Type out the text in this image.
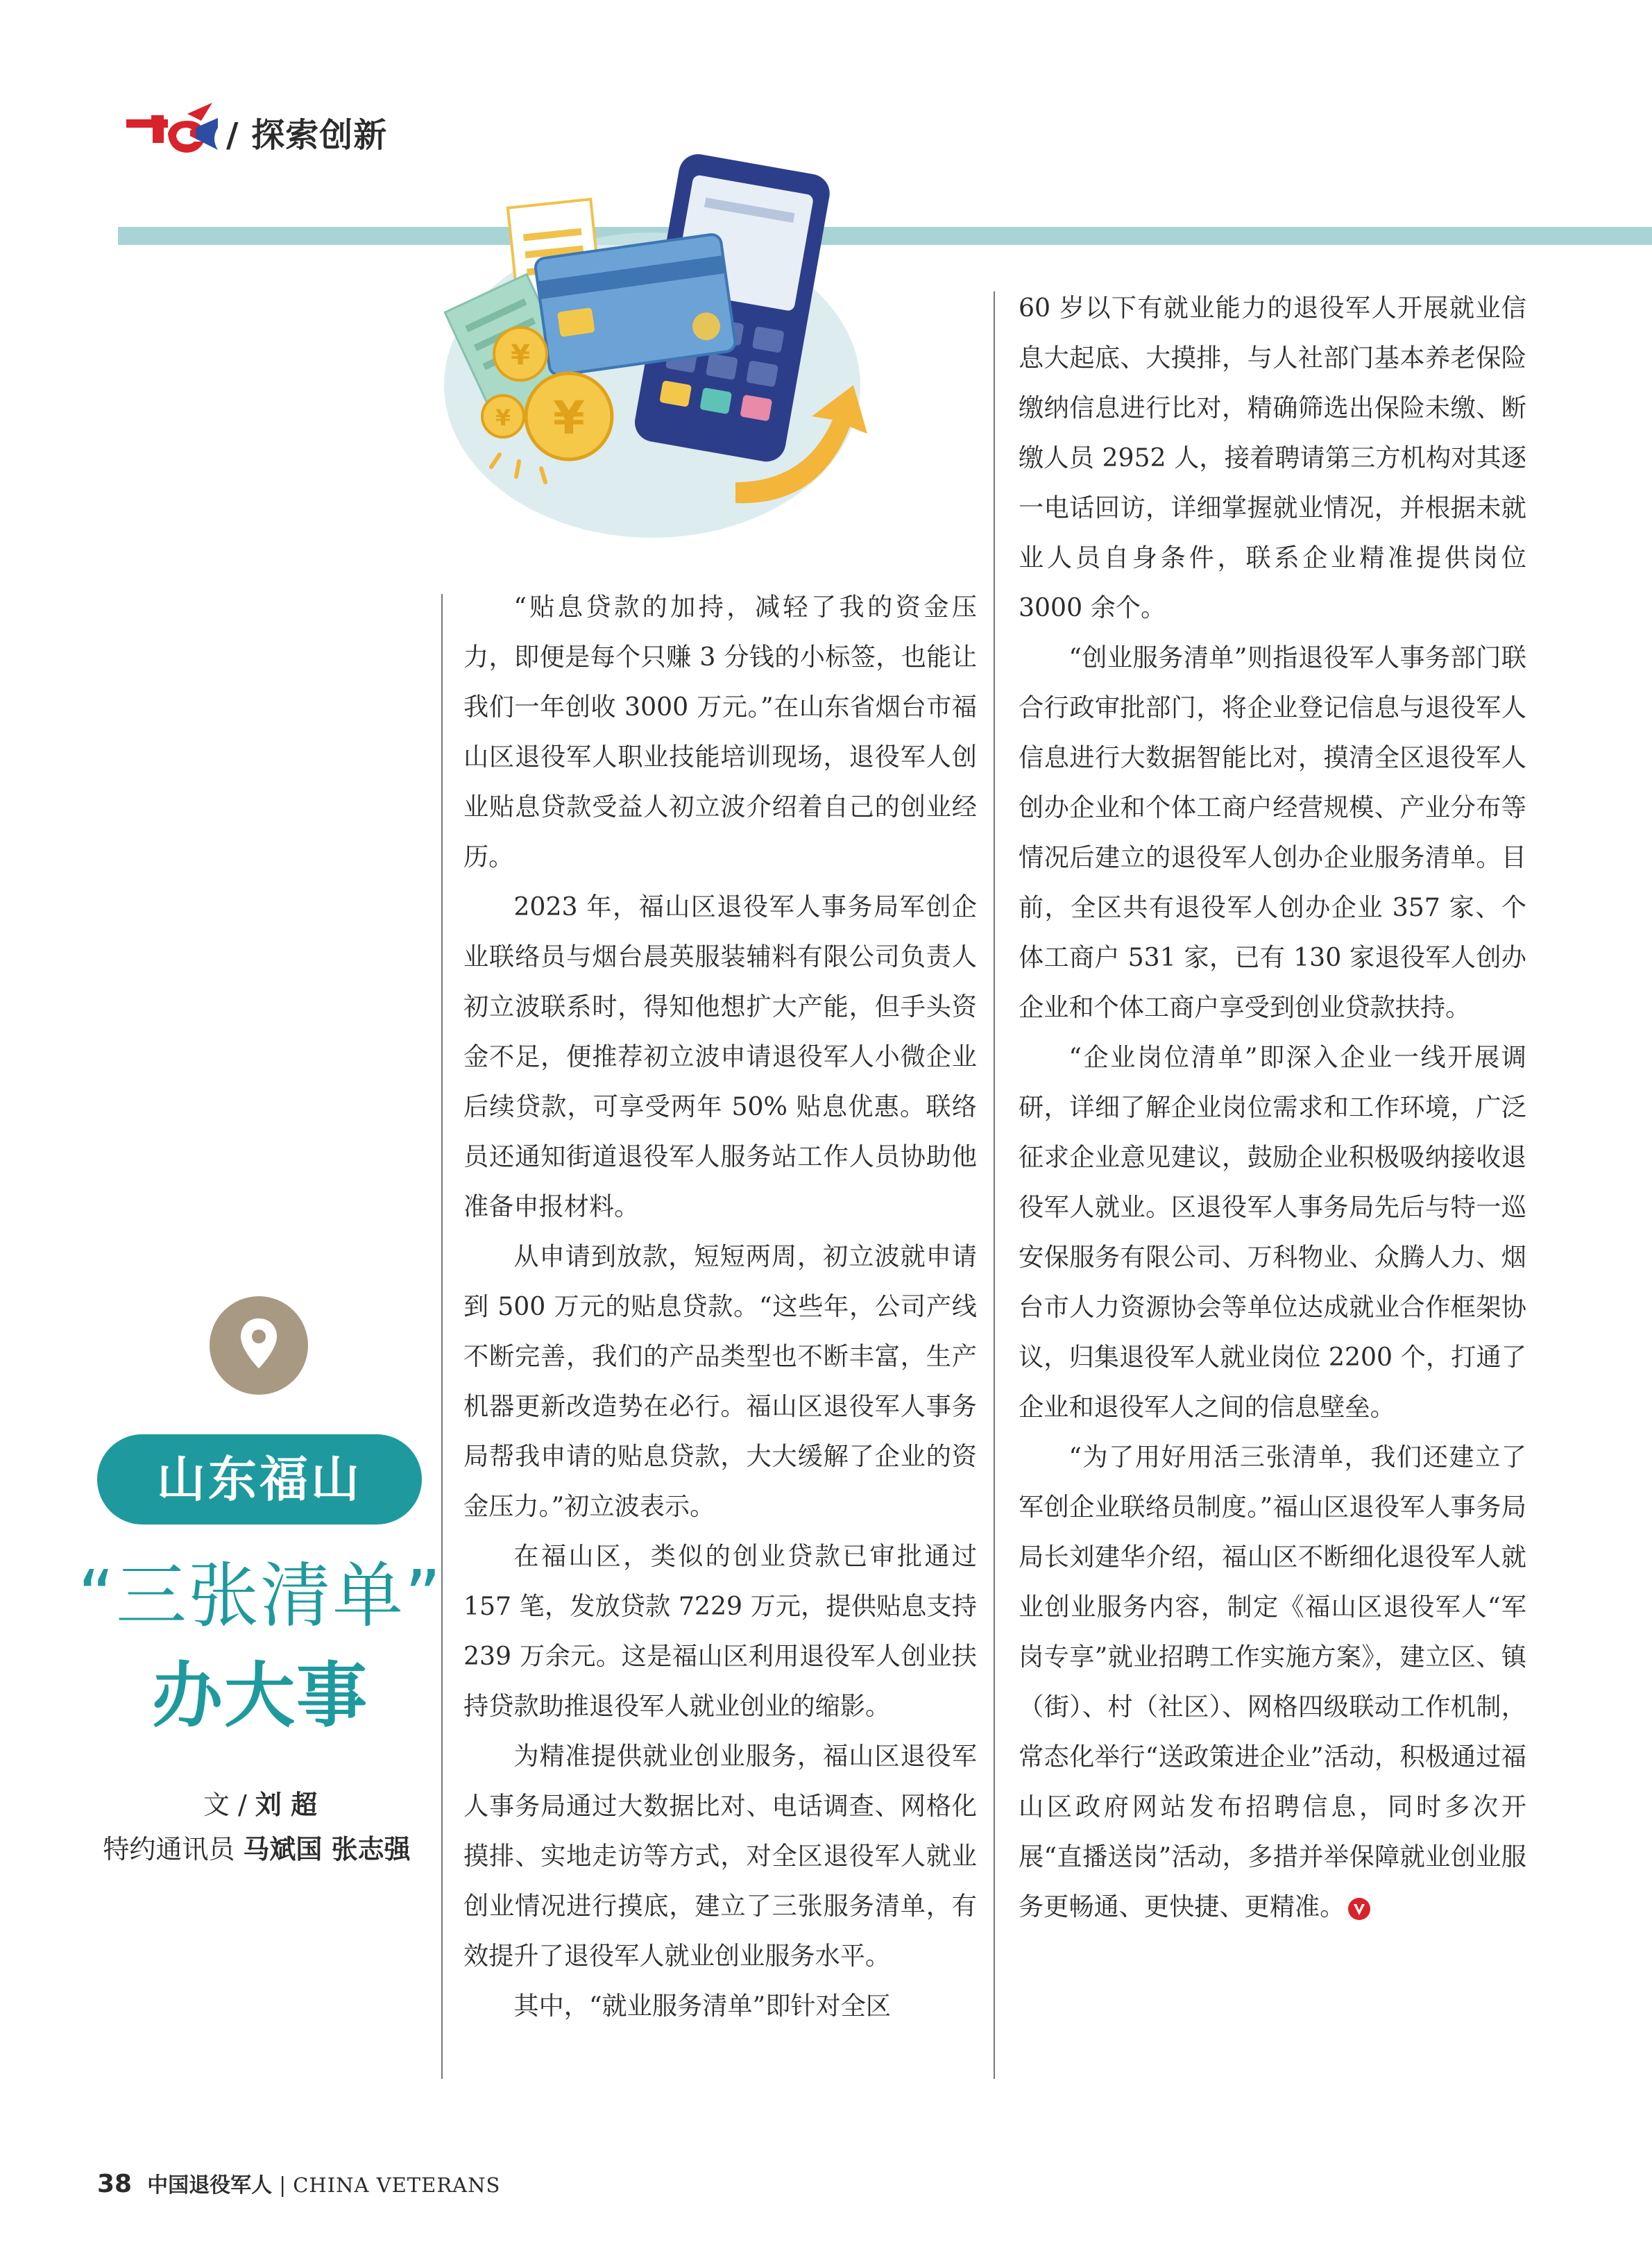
/ 探索创新
¥
¥ ¥

“贴息贷款的加持，减轻了我的资金压力，即便是每个只赚 3 分钱的小标签，也能让我们一年创收 3000 万元。”在山东省烟台市福山区退役军人职业技能培训现场，退役军人创业贴息贷款受益人初立波介绍着自己的创业经历。

2023 年，福山区退役军人事务局军创企业联络员与烟台晨英服装辅料有限公司负责人初立波联系时，得知他想扩大产能，但手头资金不足，便推荐初立波申请退役军人小微企业后续贷款，可享受两年 50% 贴息优惠。联络员还通知街道退役军人服务站工作人员协助他准备申报材料。

从申请到放款，短短两周，初立波就申请到 500 万元的贴息贷款。“这些年，公司产线不断完善，我们的产品类型也不断丰富，生产机器更新改造势在必行。福山区退役军人事务局帮我申请的贴息贷款，大大缓解了企业的资金压力。”初立波表示。

在福山区，类似的创业贷款已审批通过 157 笔，发放贷款 7229 万元，提供贴息支持 239 万余元。这是福山区利用退役军人创业扶持贷款助推退役军人就业创业的缩影。

为精准提供就业创业服务，福山区退役军人事务局通过大数据比对、电话调查、网格化摸排、实地走访等方式，对全区退役军人就业创业情况进行摸底，建立了三张服务清单，有效提升了退役军人就业创业服务水平。

其中，“就业服务清单”即针对全区

60 岁以下有就业能力的退役军人开展就业信息大起底、大摸排，与人社部门基本养老保险缴纳信息进行比对，精确筛选出保险未缴、断缴人员 2952 人，接着聘请第三方机构对其逐一电话回访，详细掌握就业情况，并根据未就业人员自身条件，联系企业精准提供岗位 3000 余个。

“创业服务清单”则指退役军人事务部门联合行政审批部门，将企业登记信息与退役军人信息进行大数据智能比对，摸清全区退役军人创办企业和个体工商户经营规模、产业分布等情况后建立的退役军人创办企业服务清单。目前，全区共有退役军人创办企业 357 家、个体工商户 531 家，已有 130 家退役军人创办企业和个体工商户享受到创业贷款扶持。

“企业岗位清单”即深入企业一线开展调研，详细了解企业岗位需求和工作环境，广泛征求企业意见建议，鼓励企业积极吸纳接收退役军人就业。区退役军人事务局先后与特一巡安保服务有限公司、万科物业、众腾人力、烟台市人力资源协会等单位达成就业合作框架协议，归集退役军人就业岗位 2200 个，打通了企业和退役军人之间的信息壁垒。

“为了用好用活三张清单，我们还建立了军创企业联络员制度。”福山区退役军人事务局局长刘建华介绍，福山区不断细化退役军人就业创业服务内容，制定《福山区退役军人“军岗专享”就业招聘工作实施方案》，建立区、镇（街）、村（社区）、网格四级联动工作机制，常态化举行“送政策进企业”活动，积极通过福山区政府网站发布招聘信息，同时多次开展“直播送岗”活动，多措并举保障就业创业服务更畅通、更快捷、更精准。

山东福山
“三张清单”
办大事
文 / 刘 超
特约通讯员 马斌国 张志强
38 中国退役军人 | CHINA VETERANS
